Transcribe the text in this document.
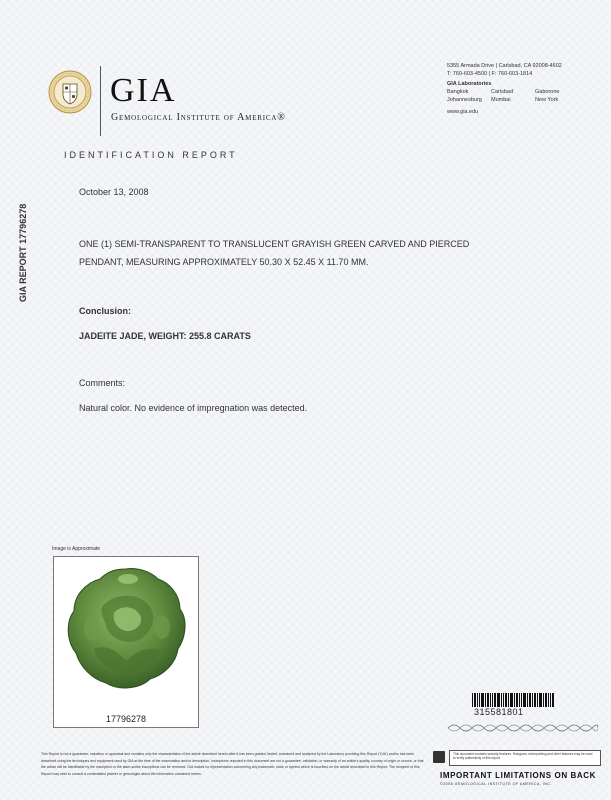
GIA
Gemological Institute of America®
5355 Armada Drive | Carlsbad, CA 92008-4602
T: 760-603-4500 | F: 760-603-1814
GIA Laboratories
Bangkok	Carlsbad	Gaborone
Johannesburg	Mumbai	New York
www.gia.edu
IDENTIFICATION REPORT
GIA REPORT 17796278
October 13, 2008
ONE (1) SEMI-TRANSPARENT TO TRANSLUCENT GRAYISH GREEN CARVED AND PIERCED
PENDANT, MEASURING APPROXIMATELY 50.30 X 52.45 X 11.70 MM.
Conclusion:
JADEITE JADE, WEIGHT: 255.8 CARATS
Comments:
Natural color. No evidence of impregnation was detected.
Image is Approximate
17796278
315581801
This document contains security features. Hologram, microprinting and other features may be used to verify authenticity of this report.
IMPORTANT LIMITATIONS ON BACK
©2008 GEMOLOGICAL INSTITUTE OF AMERICA, INC.
This Report is not a guarantee, valuation or appraisal and contains only the characteristics of the article described herein after it has been graded, tested, examined and analyzed by the Laboratory providing this Report ('GIA') and/or has been described using the techniques and equipment used by GIA at the time of the examination and/or description. Inscriptions reported in this document are not a guarantee, validation, or warranty of an article's quality, country of origin or source, or that the article will be identifiable by the inscription or the laser-scribe inscriptions can be removed. GIA makes no representation concerning any trademark, mark or symbol which is inscribed on the article described in this Report. The recipient of this Report may wish to consult a credentialed jeweler or gemologist about the information contained herein.
